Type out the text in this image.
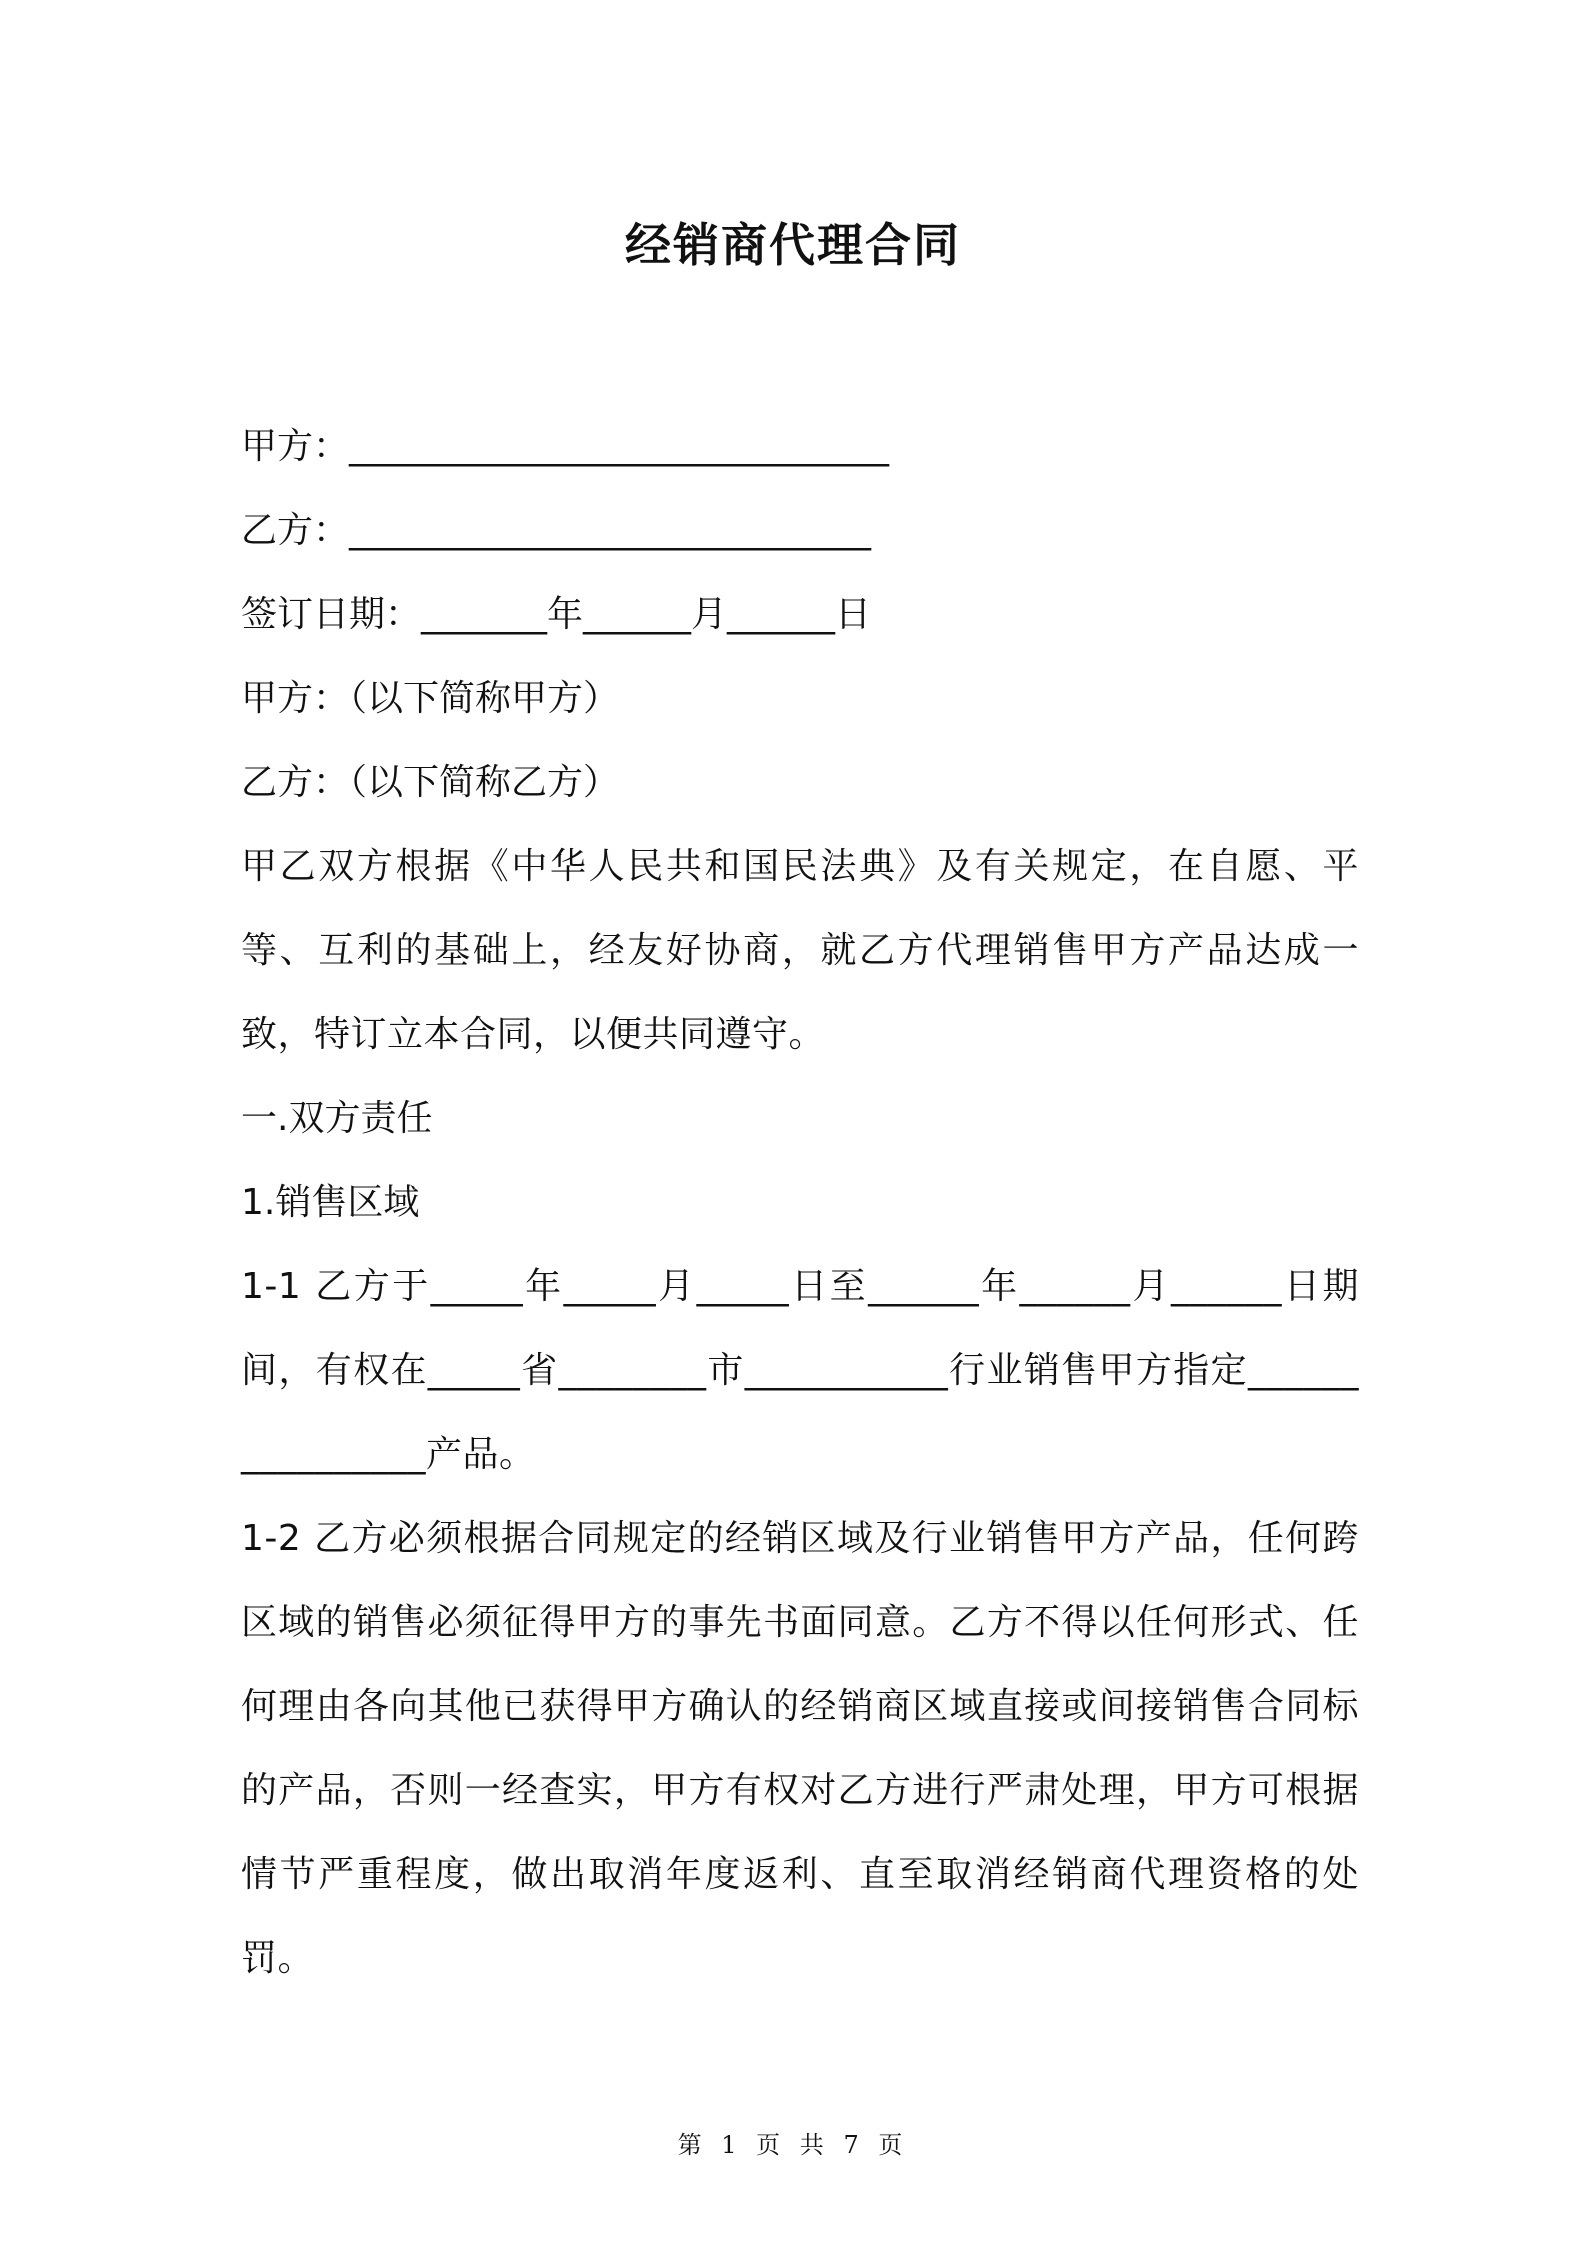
经销商代理合同
甲方：______________________________
乙方：_____________________________
签订日期：_______年______月______日
甲方：（以下简称甲方）
乙方：（以下简称乙方）
甲乙双方根据《中华人民共和国民法典》及有关规定，在自愿、平等、互利的基础上，经友好协商，就乙方代理销售甲方产品达成一致，特订立本合同，以便共同遵守。
一.双方责任
1.销售区域
1-1 乙方于_____年_____月_____日至______年______月______日期间，有权在_____省________市___________行业销售甲方指定________________产品。
1-2 乙方必须根据合同规定的经销区域及行业销售甲方产品，任何跨区域的销售必须征得甲方的事先书面同意。乙方不得以任何形式、任何理由各向其他已获得甲方确认的经销商区域直接或间接销售合同标的产品，否则一经查实，甲方有权对乙方进行严肃处理，甲方可根据情节严重程度，做出取消年度返利、直至取消经销商代理资格的处罚。
第 1 页 共 7 页
